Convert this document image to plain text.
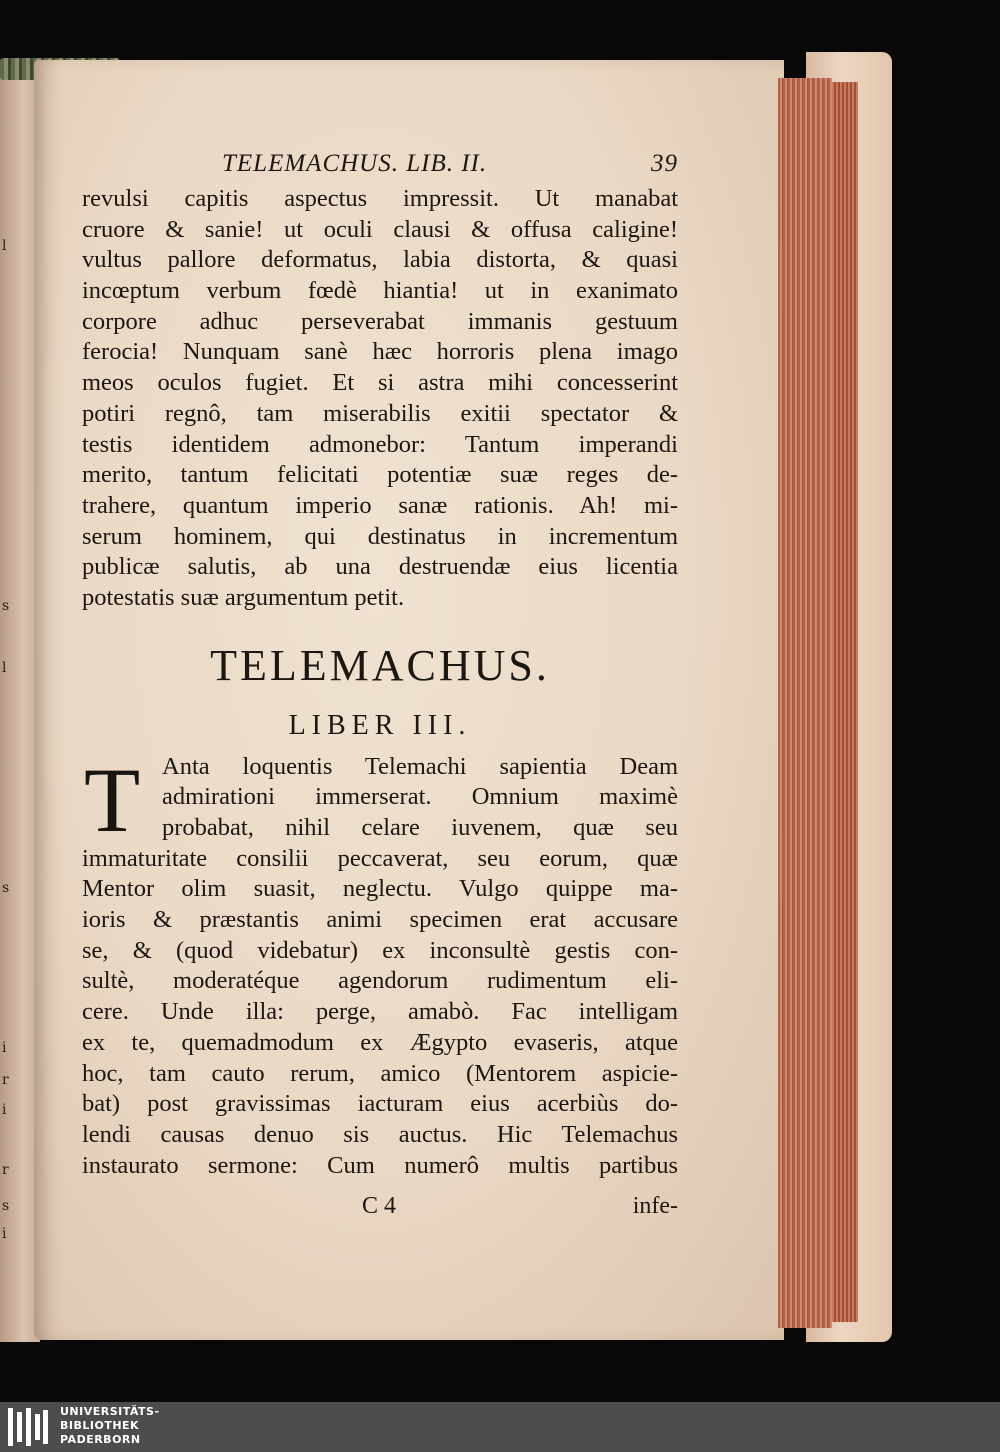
l
s
l
s
i
r
i
r
s
i
TELEMACHUS. LIB. II.	39
revulsi capitis aspectus impressit. Ut manabat
cruore & sanie! ut oculi clausi & offusa caligine!
vultus pallore deformatus, labia distorta, & quasi
incœptum verbum fœdè hiantia! ut in exanimato
corpore adhuc perseverabat immanis gestuum
ferocia! Nunquam sanè hæc horroris plena imago
meos oculos fugiet. Et si astra mihi concesserint
potiri regnô, tam miserabilis exitii spectator &
testis identidem admonebor: Tantum imperandi
merito, tantum felicitati potentiæ suæ reges de-
trahere, quantum imperio sanæ rationis. Ah! mi-
serum hominem, qui destinatus in incrementum
publicæ salutis, ab una destruendæ eius licentia
potestatis suæ argumentum petit.
TELEMACHUS.
LIBER III.
T Anta loquentis Telemachi sapientia Deam
admirationi immerserat. Omnium maximè
probabat, nihil celare iuvenem, quæ seu
immaturitate consilii peccaverat, seu eorum, quæ
Mentor olim suasit, neglectu. Vulgo quippe ma-
ioris & præstantis animi specimen erat accusare
se, & (quod videbatur) ex inconsultè gestis con-
sultè, moderatéque agendorum rudimentum eli-
cere. Unde illa: perge, amabò. Fac intelligam
ex te, quemadmodum ex Ægypto evaseris, atque
hoc, tam cauto rerum, amico (Mentorem aspicie-
bat) post gravissimas iacturam eius acerbiùs do-
lendi causas denuo sis auctus. Hic Telemachus
instaurato sermone: Cum numerô multis partibus
C 4	infe-
UNIVERSITÄTS-
BIBLIOTHEK
PADERBORN
